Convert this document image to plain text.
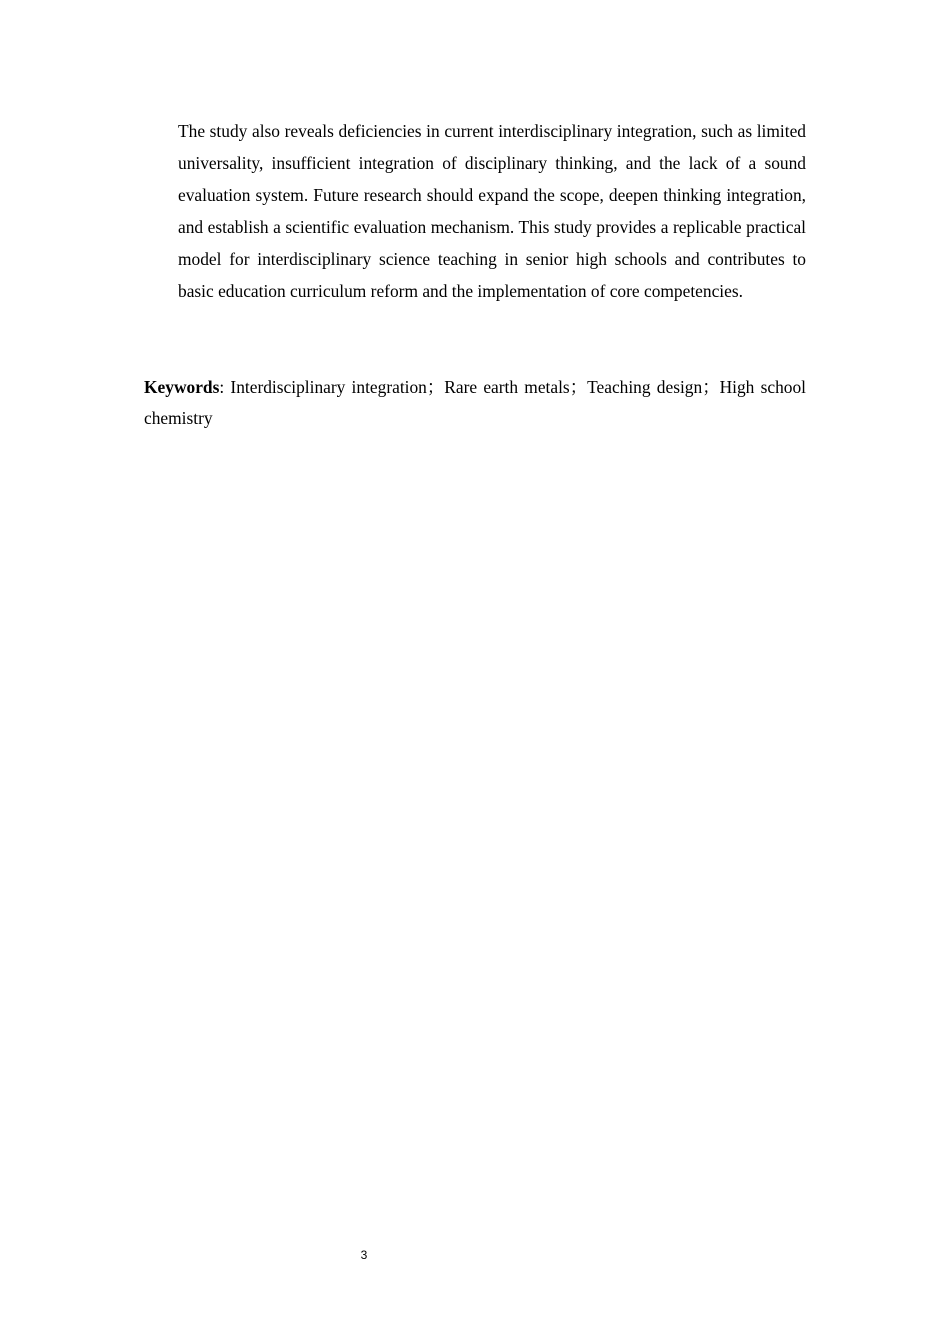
The study also reveals deficiencies in current interdisciplinary integration, such as limited universality, insufficient integration of disciplinary thinking, and the lack of a sound evaluation system. Future research should expand the scope, deepen thinking integration, and establish a scientific evaluation mechanism. This study provides a replicable practical model for interdisciplinary science teaching in senior high schools and contributes to basic education curriculum reform and the implementation of core competencies.

Keywords: Interdisciplinary integration；Rare earth metals；Teaching design；High school  chemistry

3
